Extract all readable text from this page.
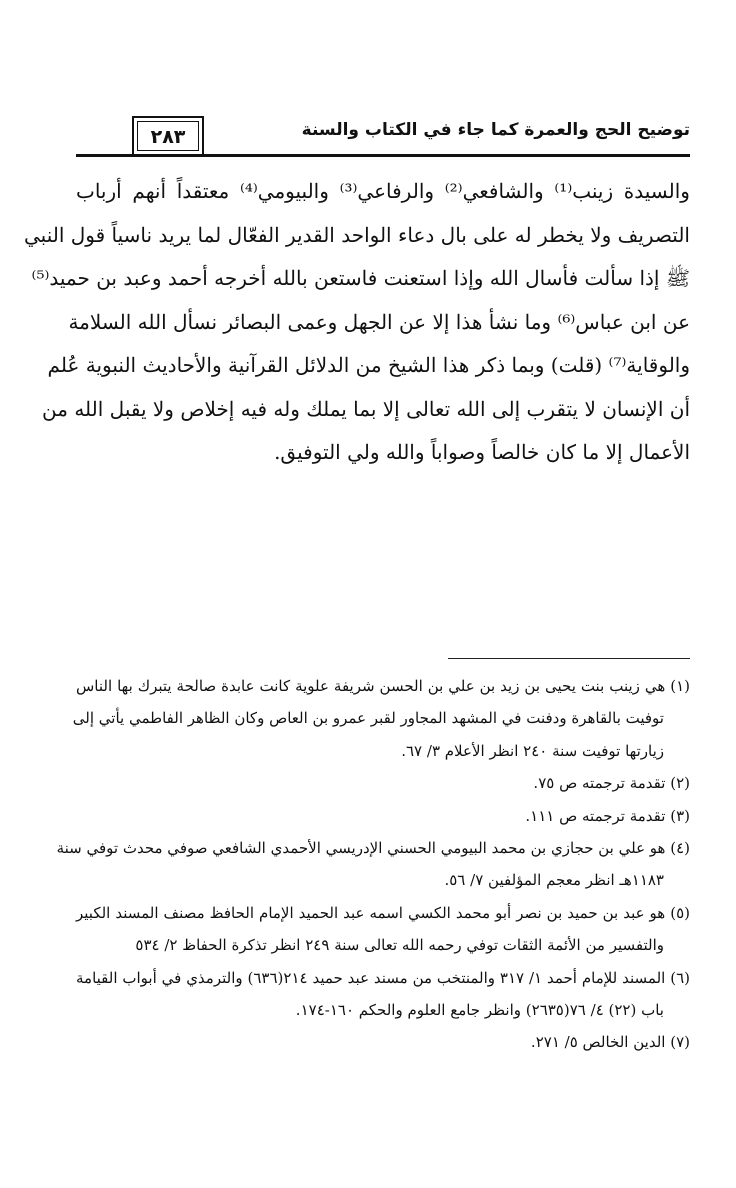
٢٨٣	توضيح الحج والعمرة كما جاء في الكتاب والسنة
والسيدة زينب⁽¹⁾ والشافعي⁽²⁾ والرفاعي⁽³⁾ والبيومي⁽⁴⁾ معتقداً أنهم أرباب
التصريف ولا يخطر له على بال دعاء الواحد القدير الفعّال لما يريد ناسياً قول النبي
ﷺ إذا سألت فأسال الله وإذا استعنت فاستعن بالله أخرجه أحمد وعبد بن حميد⁽⁵⁾
عن ابن عباس⁽⁶⁾ وما نشأ هذا إلا عن الجهل وعمى البصائر نسأل الله السلامة
والوقاية⁽⁷⁾ (قلت) وبما ذكر هذا الشيخ من الدلائل القرآنية والأحاديث النبوية عُلم
أن الإنسان لا يتقرب إلى الله تعالى إلا بما يملك وله فيه إخلاص ولا يقبل الله من
الأعمال إلا ما كان خالصاً وصواباً والله ولي التوفيق.
(١) هي زينب بنت يحيى بن زيد بن علي بن الحسن شريفة علوية كانت عابدة صالحة يتبرك بها الناس
توفيت بالقاهرة ودفنت في المشهد المجاور لقبر عمرو بن العاص وكان الظاهر الفاطمي يأتي إلى
زيارتها توفيت سنة ٢٤٠ انظر الأعلام ٣/ ٦٧.
(٢) تقدمة ترجمته ص ٧٥.
(٣) تقدمة ترجمته ص ١١١.
(٤) هو علي بن حجازي بن محمد البيومي الحسني الإدريسي الأحمدي الشافعي صوفي محدث توفي سنة
١١٨٣هـ انظر معجم المؤلفين ٧/ ٥٦.
(٥) هو عبد بن حميد بن نصر أبو محمد الكسي اسمه عبد الحميد الإمام الحافظ مصنف المسند الكبير
والتفسير من الأئمة الثقات توفي رحمه الله تعالى سنة ٢٤٩ انظر تذكرة الحفاظ ٢/ ٥٣٤
(٦) المسند للإمام أحمد ١/ ٣١٧ والمنتخب من مسند عبد حميد ٢١٤(٦٣٦) والترمذي في أبواب القيامة
باب (٢٢) ٤/ ٧٦(٢٦٣٥) وانظر جامع العلوم والحكم ١٦٠-١٧٤.
(٧) الدين الخالص ٥/ ٢٧١.
